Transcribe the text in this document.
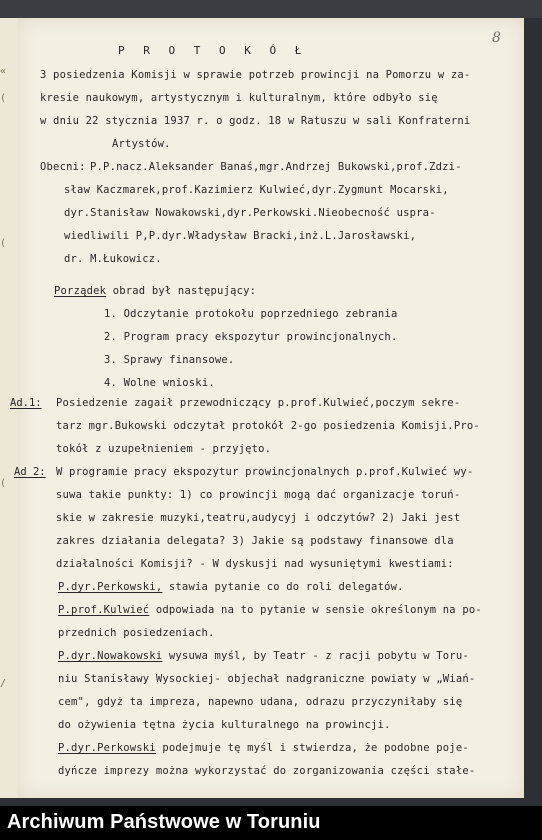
«
(
(
(
/
8
P R O T O K Ó Ł
3 posiedzenia Komisji w sprawie potrzeb prowincji na Pomorzu w za-
kresie naukowym, artystycznym i kulturalnym, które odbyło się
w dniu 22 stycznia 1937 r. o godz. 18 w Ratuszu w sali Konfraterni
Artystów.
Obecni: P.P.nacz.Aleksander Banaś,mgr.Andrzej Bukowski,prof.Zdzi-
sław Kaczmarek,prof.Kazimierz Kulwieć,dyr.Zygmunt Mocarski,
dyr.Stanisław Nowakowski,dyr.Perkowski.Nieobecność uspra-
wiedliwili P,P.dyr.Władysław Bracki,inż.L.Jarosławski,
dr. M.Łukowicz.
Porządek obrad był następujący:
1. Odczytanie protokołu poprzedniego zebrania
2. Program pracy ekspozytur prowincjonalnych.
3. Sprawy finansowe.
4. Wolne wnioski.
Ad.1: Posiedzenie zagaił przewodniczący p.prof.Kulwieć,poczym sekre-
tarz mgr.Bukowski odczytał protokół 2-go posiedzenia Komisji.Pro-
tokół z uzupełnieniem - przyjęto.
Ad 2: W programie pracy ekspozytur prowincjonalnych p.prof.Kulwieć wy-
suwa takie punkty: 1) co prowincji mogą dać organizacje toruń-
skie w zakresie muzyki,teatru,audycyj i odczytów? 2) Jaki jest
zakres działania delegata? 3) Jakie są podstawy finansowe dla
działalności Komisji? - W dyskusji nad wysuniętymi kwestiami:
P.dyr.Perkowski, stawia pytanie co do roli delegatów.
P.prof.Kulwieć odpowiada na to pytanie w sensie określonym na po-
przednich posiedzeniach.
P.dyr.Nowakowski wysuwa myśl, by Teatr - z racji pobytu w Toru-
niu Stanisławy Wysockiej- objechał nadgraniczne powiaty w „Wiań-
cem", gdyż ta impreza, napewno udana, odrazu przyczyniłaby się
do ożywienia tętna życia kulturalnego na prowincji.
P.dyr.Perkowski podejmuje tę myśl i stwierdza, że podobne poje-
dyńcze imprezy można wykorzystać do zorganizowania części stałe-
Archiwum Państwowe w Toruniu
